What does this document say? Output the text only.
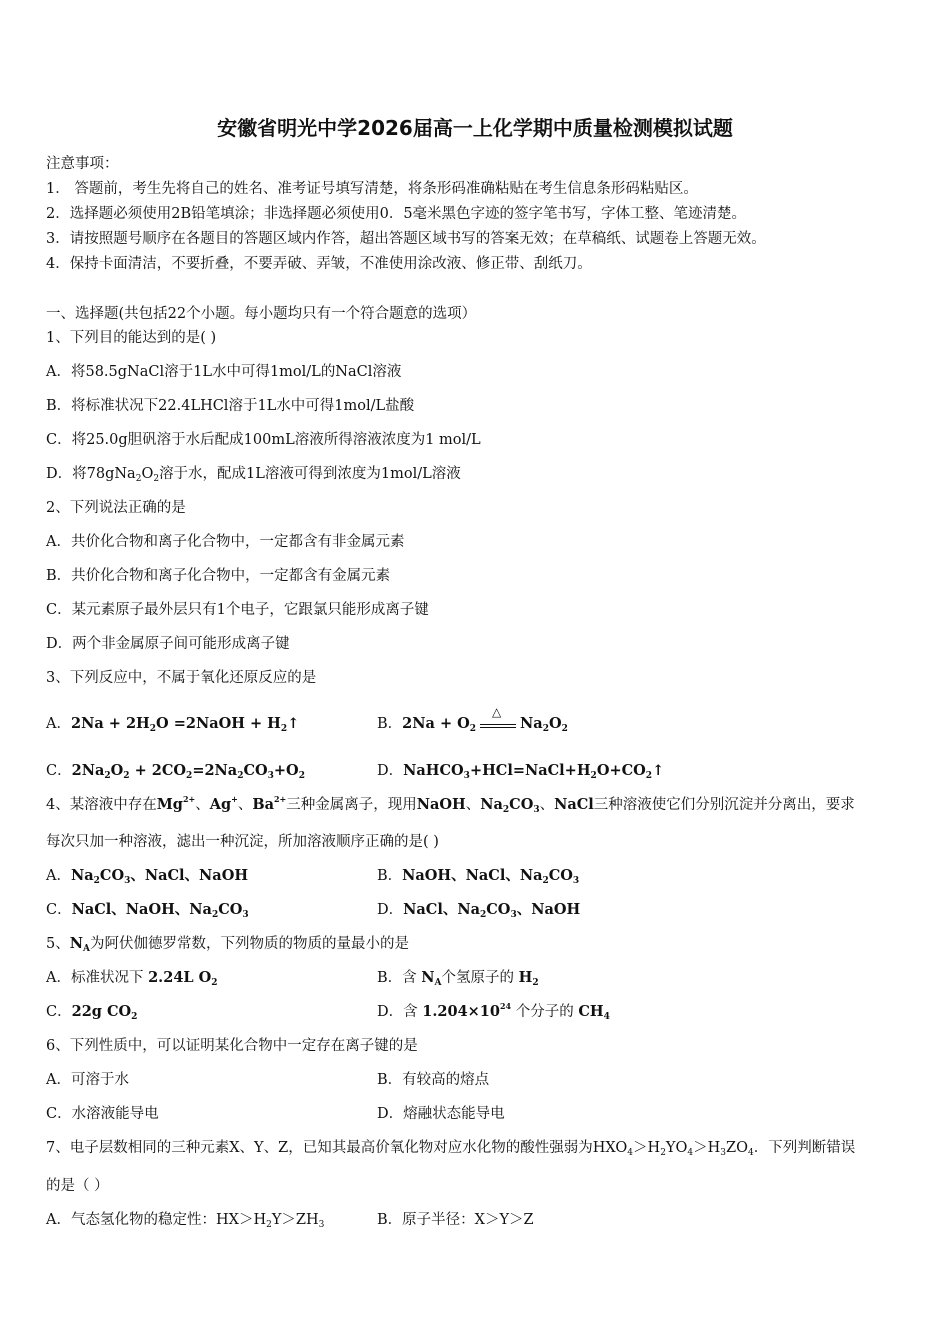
安徽省明光中学2026届高一上化学期中质量检测模拟试题
注意事项：
1． 答题前，考生先将自己的姓名、准考证号填写清楚，将条形码准确粘贴在考生信息条形码粘贴区。
2．选择题必须使用2B铅笔填涂；非选择题必须使用0．5毫米黑色字迹的签字笔书写，字体工整、笔迹清楚。
3．请按照题号顺序在各题目的答题区域内作答，超出答题区域书写的答案无效；在草稿纸、试题卷上答题无效。
4．保持卡面清洁，不要折叠，不要弄破、弄皱，不准使用涂改液、修正带、刮纸刀。
一、选择题(共包括22个小题。每小题均只有一个符合题意的选项）
1、下列目的能达到的是( )
A．将58.5gNaCl溶于1L水中可得1mol/L的NaCl溶液
B．将标准状况下22.4LHCl溶于1L水中可得1mol/L盐酸
C．将25.0g胆矾溶于水后配成100mL溶液所得溶液浓度为1 mol/L
D．将$78gNa_2O_2$溶于水，配成1L溶液可得到浓度为1mol/L溶液
2、下列说法正确的是
A．共价化合物和离子化合物中，一定都含有非金属元素
B．共价化合物和离子化合物中，一定都含有金属元素
C．某元素原子最外层只有1个电子，它跟氯只能形成离子键
D．两个非金属原子间可能形成离子键
3、下列反应中，不属于氧化还原反应的是
A．$2Na + 2H_2O$ =2NaOH + $H_2↑$	B．$2Na + O_2$
△
$Na_2O_2$
C．$2Na_2O_2 + 2CO_2=2Na_2CO_3+O_2$	D．$NaHCO_3+HCl=NaCl+H_2O+CO_2↑$
4、某溶液中存在$Mg^{2+}$、Ag+、$Ba^{2+}$三种金属离子，现用NaOH、$Na_2CO_3$、NaCl三种溶液使它们分别沉淀并分离出，要求
每次只加一种溶液，滤出一种沉淀，所加溶液顺序正确的是( )
A．$Na_2CO_3$、NaCl、NaOH	B．NaOH、NaCl、$Na_2CO_3$
C．NaCl、NaOH、$Na_2CO_3$	D．NaCl、$Na_2CO_3$、NaOH
5、$N_A$为阿伏伽德罗常数，下列物质的物质的量最小的是
A．标准状况下 2.24L $O_2$	B．含 $N_A$个氢原子的 $H_2$
C．22g $CO_2$	D．含 $1.204\times 10^{24}$ 个分子的 $CH_4$
6、下列性质中，可以证明某化合物中一定存在离子键的是
A．可溶于水	B．有较高的熔点
C．水溶液能导电	D．熔融状态能导电
7、电子层数相同的三种元素X、Y、Z，已知其最高价氧化物对应水化物的酸性强弱为$HXO_4>H_2YO_4>H_3ZO_4$．下列判断错误
的是（ ）
A．气态氢化物的稳定性：$HX>H_2Y>ZH_3$	B．原子半径：X＞Y＞Z
